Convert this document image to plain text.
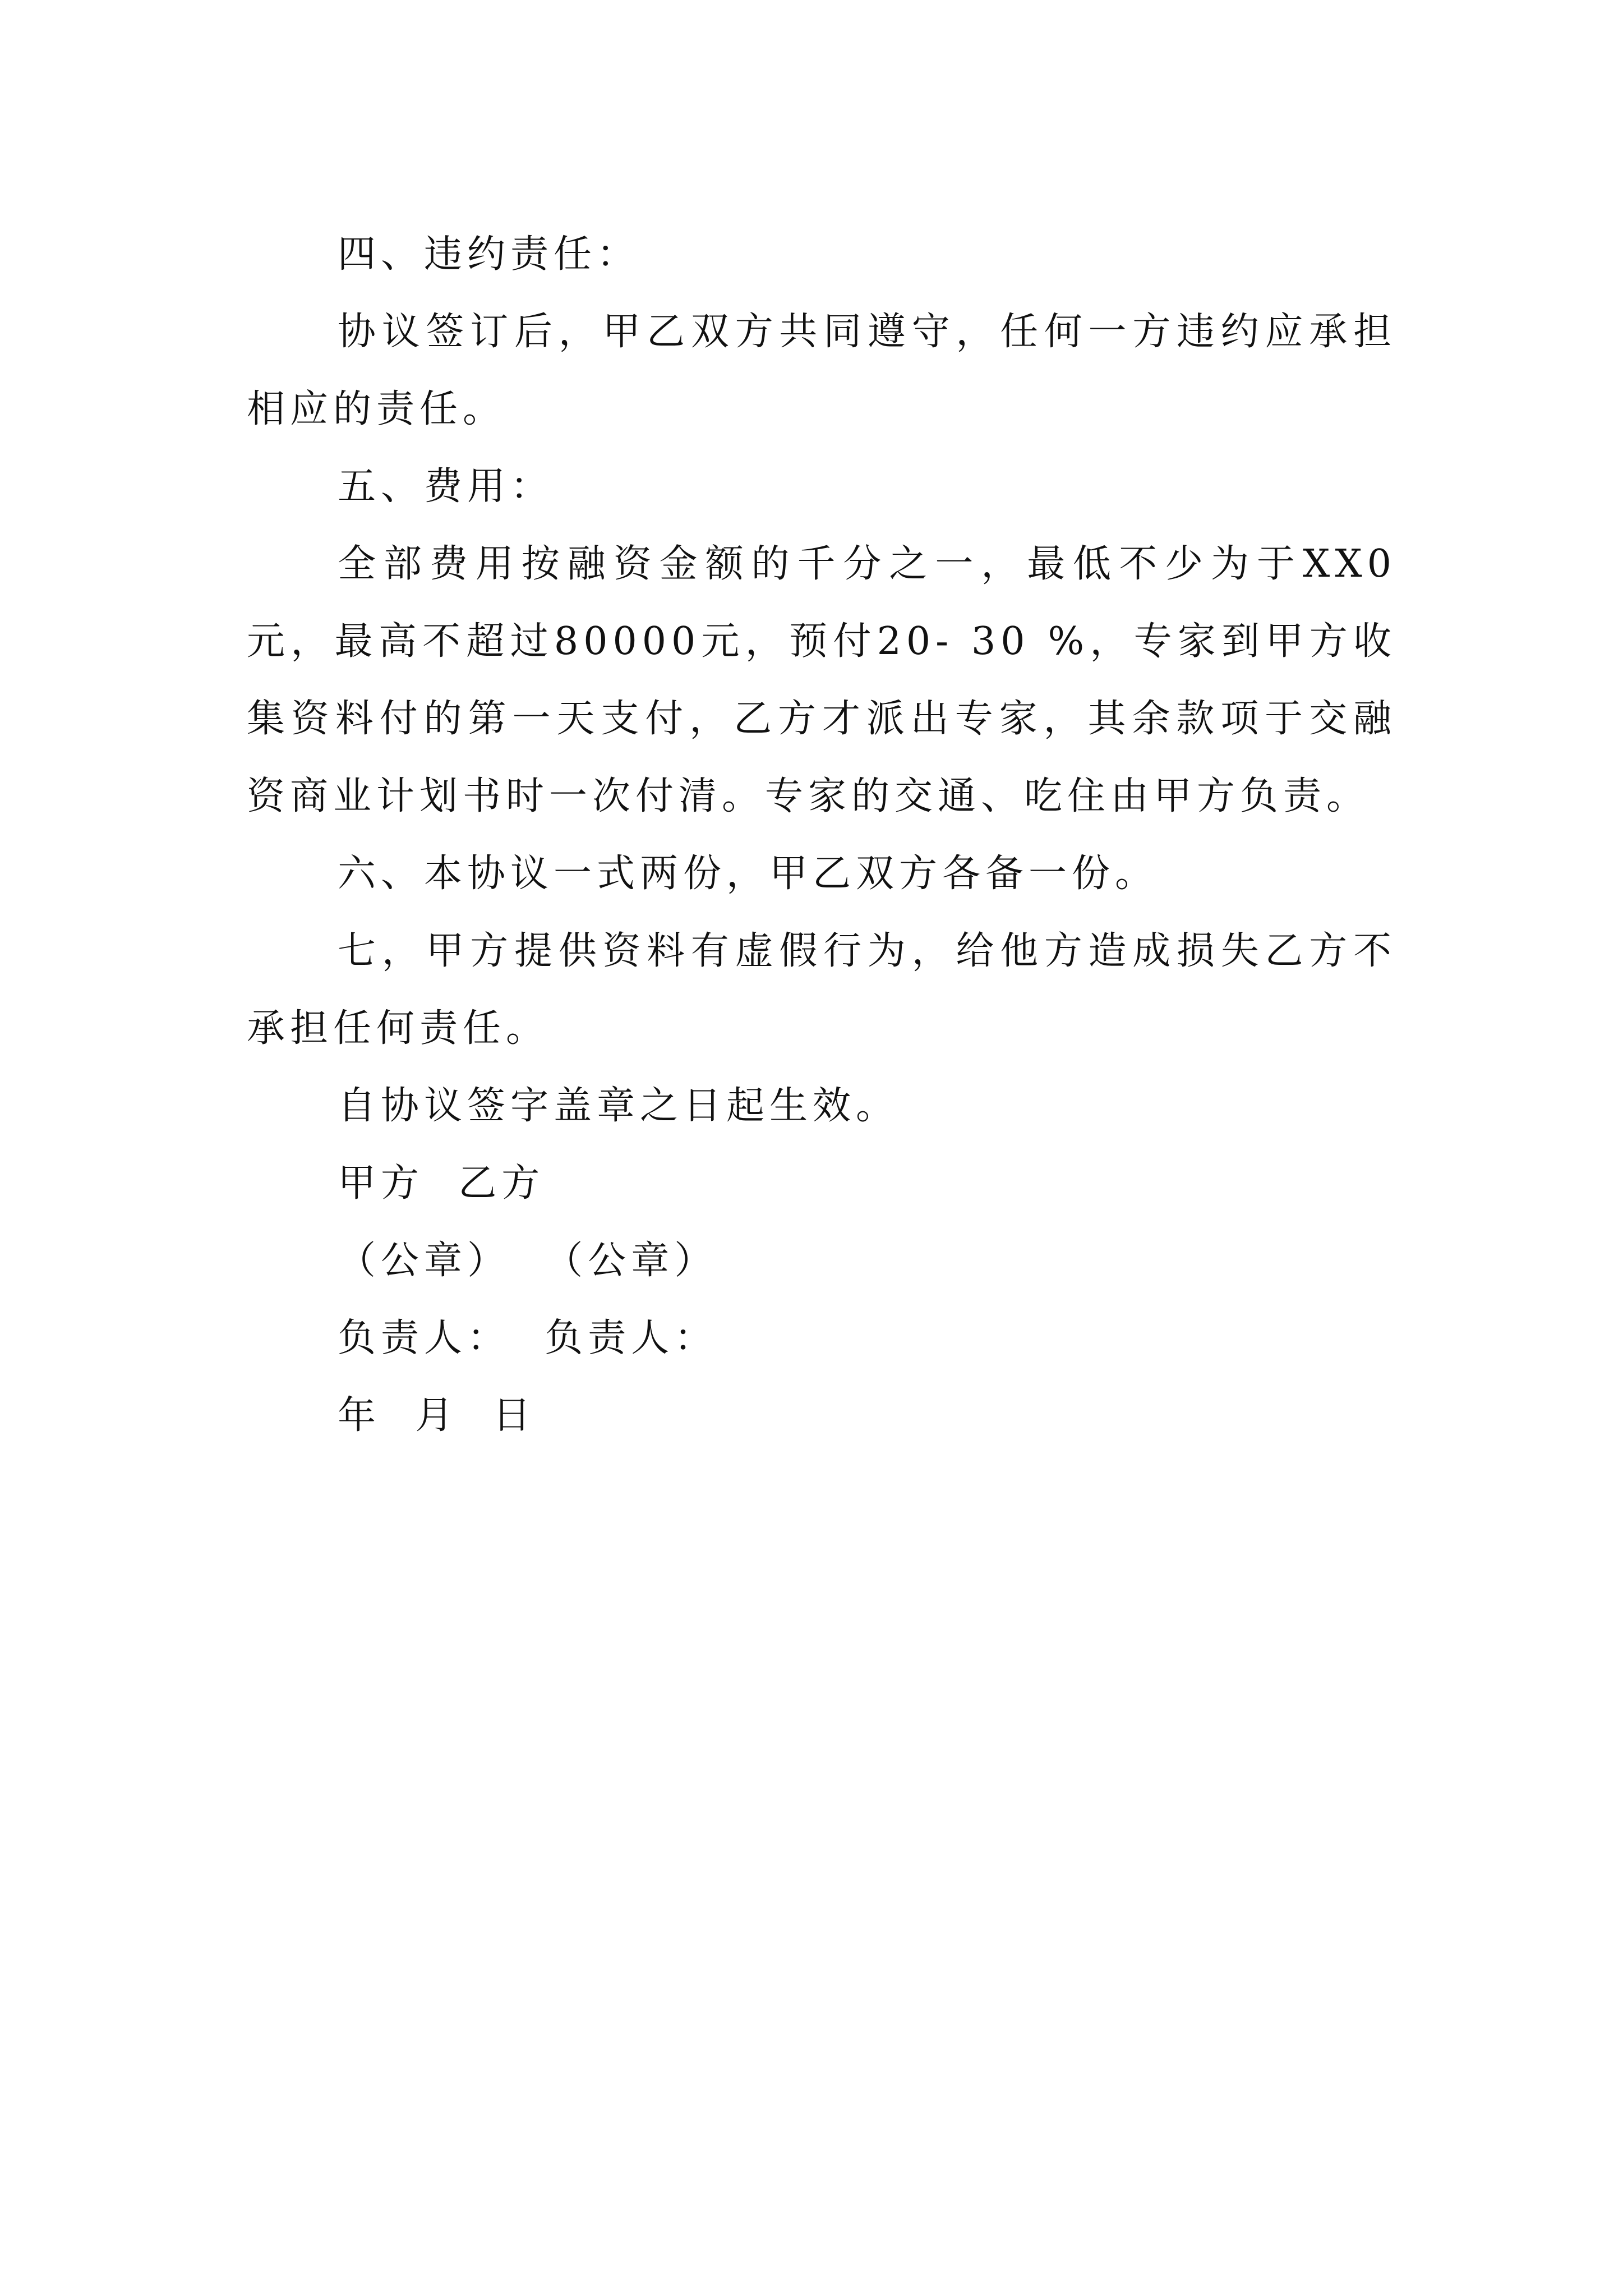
四、违约责任：

协议签订后，甲乙双方共同遵守，任何一方违约应承担相应的责任。

五、费用：

全部费用按融资金额的千分之一，最低不少为于XX0 元，最高不超过80000元，预付20- 30 %，专家到甲方收集资料付的第一天支付，乙方才派出专家，其余款项于交融资商业计划书时一次付清。专家的交通、吃住由甲方负责。

六、本协议一式两份，甲乙双方各备一份。

七，甲方提供资料有虚假行为，给他方造成损失乙方不承担任何责任。

自协议签字盖章之日起生效。

甲方  乙方

（公章）  （公章）

负责人：  负责人：

年  月  日
